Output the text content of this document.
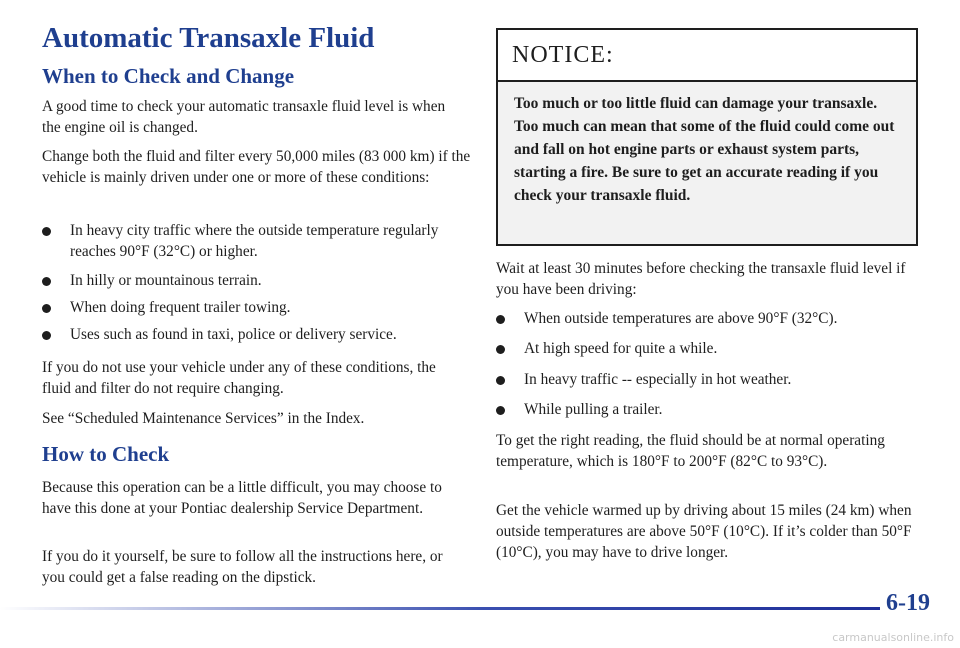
Automatic Transaxle Fluid
When to Check and Change

A good time to check your automatic transaxle fluid level is when the engine oil is changed.

Change both the fluid and filter every 50,000 miles (83 000 km) if the vehicle is mainly driven under one or more of these conditions:

In heavy city traffic where the outside temperature regularly reaches 90°F (32°C) or higher.
In hilly or mountainous terrain.
When doing frequent trailer towing.
Uses such as found in taxi, police or delivery service.

If you do not use your vehicle under any of these conditions, the fluid and filter do not require changing.

See “Scheduled Maintenance Services” in the Index.

How to Check

Because this operation can be a little difficult, you may choose to have this done at your Pontiac dealership Service Department.

If you do it yourself, be sure to follow all the instructions here, or you could get a false reading on the dipstick.

NOTICE:
Too much or too little fluid can damage your transaxle. Too much can mean that some of the fluid could come out and fall on hot engine parts or exhaust system parts, starting a fire. Be sure to get an accurate reading if you check your transaxle fluid.

Wait at least 30 minutes before checking the transaxle fluid level if you have been driving:

When outside temperatures are above 90°F (32°C).
At high speed for quite a while.
In heavy traffic -- especially in hot weather.
While pulling a trailer.

To get the right reading, the fluid should be at normal operating temperature, which is 180°F to 200°F (82°C to 93°C).

Get the vehicle warmed up by driving about 15 miles (24 km) when outside temperatures are above 50°F (10°C). If it’s colder than 50°F (10°C), you may have to drive longer.

6-19
carmanualsonline.info
